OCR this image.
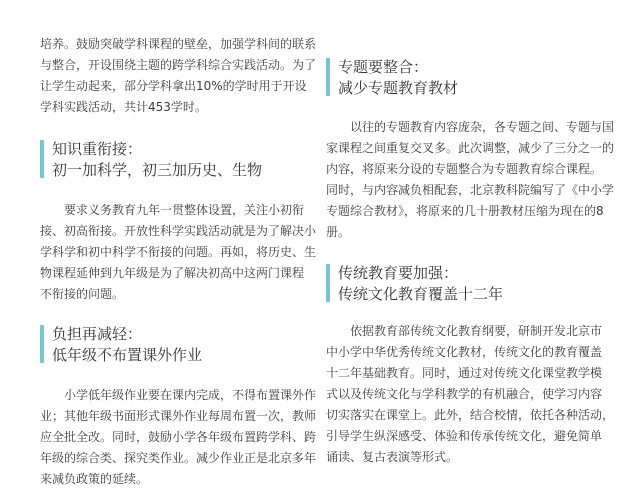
培养。鼓励突破学科课程的壁垒，加强学科间的联系
与整合，开设围绕主题的跨学科综合实践活动。为了
让学生动起来，部分学科拿出10%的学时用于开设
学科实践活动，共计453学时。
知识重衔接：
初一加科学，初三加历史、生物
　　要求义务教育九年一贯整体设置，关注小初衔
接、初高衔接。开放性科学实践活动就是为了解决小
学科学和初中科学不衔接的问题。再如，将历史、生
物课程延伸到九年级是为了解决初高中这两门课程
不衔接的问题。
负担再减轻：
低年级不布置课外作业
　　小学低年级作业要在课内完成，不得布置课外作
业；其他年级书面形式课外作业每周布置一次，教师
应全批全改。同时，鼓励小学各年级布置跨学科、跨
年级的综合类、探究类作业。减少作业正是北京多年
来减负政策的延续。
专题要整合：
减少专题教育教材
　　以往的专题教育内容庞杂，各专题之间、专题与国
家课程之间重复交叉多。此次调整，减少了三分之一的
内容，将原来分设的专题整合为专题教育综合课程。
同时，与内容减负相配套，北京教科院编写了《中小学
专题综合教材》，将原来的几十册教材压缩为现在的8
册。
传统教育要加强：
传统文化教育覆盖十二年
　　依据教育部传统文化教育纲要，研制开发北京市
中小学中华优秀传统文化教材，传统文化的教育覆盖
十二年基础教育。同时，通过对传统文化课堂教学模
式以及传统文化与学科教学的有机融合，使学习内容
切实落实在课堂上。此外，结合校情，依托各种活动，
引导学生纵深感受、体验和传承传统文化，避免简单
诵读、复古表演等形式。
